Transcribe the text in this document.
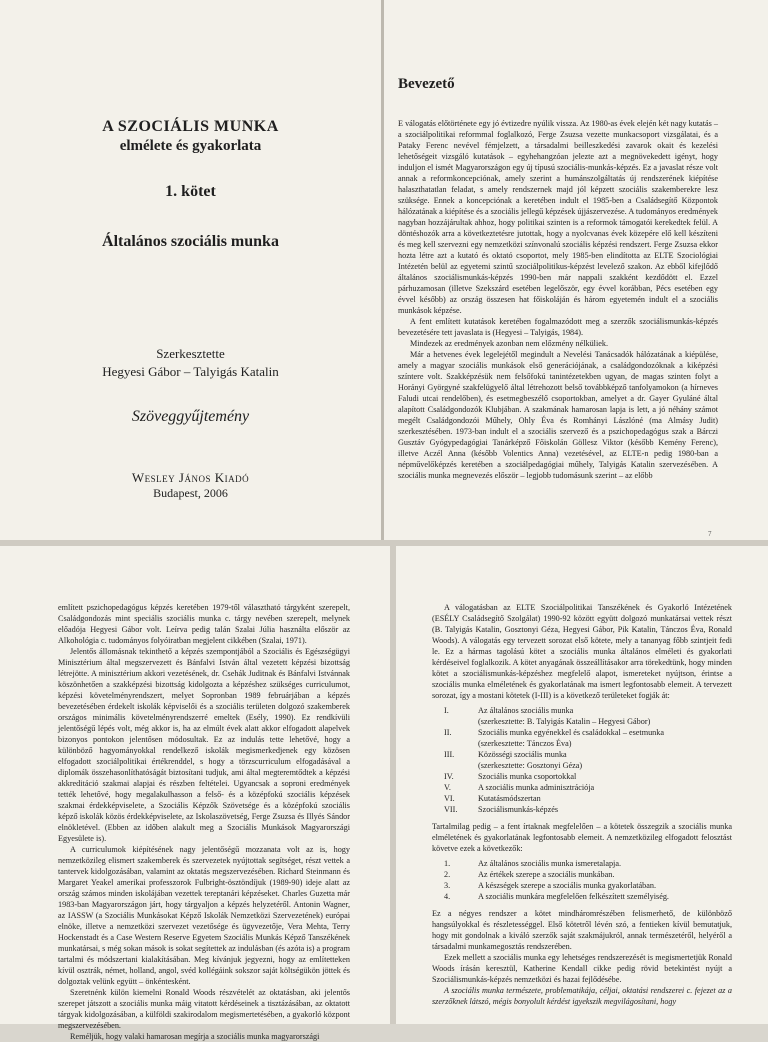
A SZOCIÁLIS MUNKA
elmélete és gyakorlata
1. kötet
Általános szociális munka
Szerkesztette
Hegyesi Gábor – Talyigás Katalin
Szöveggyűjtemény
Wesley János Kiadó
Budapest, 2006
Bevezető

E válogatás előtörténete egy jó évtizedre nyúlik vissza. Az 1980-as évek elején két nagy kutatás – a szociálpolitikai reformmal foglalkozó, Ferge Zsuzsa vezette munkacsoport vizsgálatai, és a Pataky Ferenc nevével fémjelzett, a társadalmi beilleszkedési zavarok okait és kezelési lehetőségeit vizsgáló kutatások – egyhehangzóan jelezte azt a megnövekedett igényt, hogy induljon el ismét Magyarországon egy új típusú szociális-munkás-képzés. Ez a javaslat része volt annak a reformkoncepciónak, amely szerint a humánszolgáltatás új rendszerének kiépítése halaszthatatlan feladat, s amely rendszernek majd jól képzett szociális szakemberekre lesz szüksége. Ennek a koncepciónak a keretében indult el 1985-ben a Családsegítő Központok hálózatának a kiépítése és a szociális jellegű képzések újjászervezése. A tudományos eredmények nagyban hozzájárultak ahhoz, hogy politikai szinten is a reformok támogatói kerekedtek felül. A döntéshozók arra a következtetésre jutottak, hogy a nyolcvanas évek közepére elő kell készíteni és meg kell szervezni egy nemzetközi színvonalú szociális képzési rendszert. Ferge Zsuzsa ekkor hozta létre azt a kutató és oktató csoportot, mely 1985-ben elindította az ELTE Szociológiai Intézetén belül az egyetemi szintű szociálpolitikus-képzést levelező szakon. Az ebből kifejlődő általános szociálismunkás-képzés 1990-ben már nappali szakként kezdődött el. Ezzel párhuzamosan (illetve Szekszárd esetében legelőször, egy évvel korábban, Pécs esetében egy évvel később) az ország összesen hat főiskoláján és három egyetemén indult el a szociális munkások képzése.

A fent említett kutatások keretében fogalmazódott meg a szerzők szociálismunkás-képzés bevezetésére tett javaslata is (Hegyesi – Talyigás, 1984).

Mindezek az eredmények azonban nem előzmény nélküliek.

Már a hetvenes évek legelejétől megindult a Nevelési Tanácsadók hálózatának a kiépülése, amely a magyar szociális munkások első generációjának, a családgondozóknak a kiképzési színtere volt. Szakképzésük nem felsőfokú tanintézetekben ugyan, de magas szinten folyt a Horányi Györgyné szakfelügyelő által létrehozott belső továbbképző tanfolyamokon (a hírneves Faludi utcai rendelőben), és esetmegbeszélő csoportokban, amelyet a dr. Gayer Gyuláné által alapított Családgondozók Klubjában. A szakmának hamarosan lapja is lett, a jó néhány számot megélt Családgondozói Műhely, Ohly Éva és Romhányi Lászlóné (ma Almásy Judit) szerkesztésében. 1973-ban indult el a szociális szervező és a pszichopedagógus szak a Bárczi Gusztáv Gyógypedagógiai Tanárképző Főiskolán Göllesz Viktor (később Kemény Ferenc), illetve Aczél Anna (később Volentics Anna) vezetésével, az ELTE-n pedig 1980-ban a népművelőképzés keretében a szociálpedagógiai műhely, Talyigás Katalin szervezésében. A szociális munka megnevezés először – legjobb tudomásunk szerint – az előbb

7

említett pszichopedagógus képzés keretében 1979-től választható tárgyként szerepelt, Családgondozás mint speciális szociális munka c. tárgy nevében szerepelt, melynek előadója Hegyesi Gábor volt. Leírva pedig talán Szalai Júlia használta először az Alkohológia c. tudományos folyóiratban megjelent cikkében (Szalai, 1971).

Jelentős állomásnak tekinthető a képzés szempontjából a Szociális és Egészségügyi Minisztérium által megszervezett és Bánfalvi István által vezetett képzési bizottság létrejötte. A minisztérium akkori vezetésének, dr. Csehák Juditnak és Bánfalvi Istvánnak köszönhetően a szakképzési bizottság kidolgozta a képzéshez szükséges curriculumot, képzési követelményrendszert, melyet Sopronban 1989 februárjában a képzés bevezetésében érdekelt iskolák képviselői és a szociális területen dolgozó szakemberek országos minimális követelményrendszerré emeltek (Esély, 1990). Ez rendkívüli jelentőségű lépés volt, még akkor is, ha az elmúlt évek alatt akkor elfogadott alapelvek bizonyos pontokon jelentősen módosultak. Ez az indulás tette lehetővé, hogy a különböző hagyományokkal rendelkező iskolák megismerkedjenek egy közösen elfogadott szociálpolitikai értékrenddel, s hogy a törzscurriculum elfogadásával a diplomák összehasonlíthatóságát biztosítani tudjuk, ami által megteremtődtek a képzési akkreditáció szakmai alapjai és részben feltételei. Ugyancsak a soproni eredmények tették lehetővé, hogy megalakulhasson a felső- és a középfokú szociális képzések szakmai érdekképviselete, a Szociális Képzők Szövetsége és a középfokú szociális képző iskolák közös érdekképviselete, az Iskolaszövetség, Ferge Zsuzsa és Illyés Sándor elnökletével. (Ebben az időben alakult meg a Szociális Munkások Magyarországi Egyesülete is).

A curriculumok kiépítésének nagy jelentőségű mozzanata volt az is, hogy nemzetközileg elismert szakemberek és szervezetek nyújtottak segítséget, részt vettek a tantervek kidolgozásában, valamint az oktatás megszervezésében. Richard Steinmann és Margaret Yeakel amerikai professzorok Fulbright-ösztöndíjuk (1989-90) ideje alatt az ország számos minden iskolájában vezettek tereptanári képzéseket. Charles Guzetta már 1983-ban Magyarországon járt, hogy tárgyaljon a képzés helyzetéről. Antonin Wagner, az IASSW (a Szociális Munkásokat Képző Iskolák Nemzetközi Szervezetének) európai elnöke, illetve a nemzetközi szervezet vezetősége és ügyvezetője, Vera Mehta, Terry Hockenstadt és a Case Western Reserve Egyetem Szociális Munkás Képző Tanszékének munkatársai, s még sokan mások is sokat segítettek az indulásban (és azóta is) a program tartalmi és módszertani kialakításában. Meg kívánjuk jegyezni, hogy az említetteken kívül osztrák, német, holland, angol, svéd kollégáink sokszor saját költségükön jöttek és dolgoztak velünk együtt – önkéntesként.

Szeretnénk külön kiemelni Ronald Woods részvételét az oktatásban, aki jelentős szerepet játszott a szociális munka máig vitatott kérdéseinek a tisztázásában, az oktatott tárgyak kidolgozásában, a külföldi szakirodalom megismertetésében, a gyakorló központ megszervezésében.

Reméljük, hogy valaki hamarosan megírja a szociális munka magyarországi

A válogatásban az ELTE Szociálpolitikai Tanszékének és Gyakorló Intézetének (ESÉLY Családsegítő Szolgálat) 1990-92 között együtt dolgozó munkatársai vettek részt (B. Talyigás Katalin, Gosztonyi Géza, Hegyesi Gábor, Pik Katalin, Tánczos Éva, Ronald Woods). A válogatás egy tervezett sorozat első kötete, mely a tananyag főbb szintjeit fedi le. Ez a hármas tagolású kötet a szociális munka általános elméleti és gyakorlati kérdéseivel foglalkozik. A kötet anyagának összeállításakor arra törekedtünk, hogy minden kötet a szociálismunkás-képzéshez megfelelő alapot, ismereteket nyújtson, érintse a szociális munka elméletének és gyakorlatának ma ismert legfontosabb elemeit. A tervezett sorozat, így a mostani kötetek (I-III) is a következő területeket fogják át:

I.	Az általános szociális munka
(szerkesztette: B. Talyigás Katalin – Hegyesi Gábor)
II.	Szociális munka egyénekkel és családokkal – esetmunka
(szerkesztette: Tánczos Éva)
III.	Közösségi szociális munka
(szerkesztette: Gosztonyi Géza)
IV.	Szociális munka csoportokkal
V.	A szociális munka adminisztrációja
VI.	Kutatásmódszertan
VII.	Szociálismunkás-képzés

Tartalmilag pedig – a fent írtaknak megfelelően – a kötetek összegzik a szociális munka elméletének és gyakorlatának legfontosabb elemeit. A nemzetközileg elfogadott felosztást követve ezek a következők:

1.	Az általános szociális munka ismeretalapja.
2.	Az értékek szerepe a szociális munkában.
3.	A készségek szerepe a szociális munka gyakorlatában.
4.	A szociális munkára megfelelően felkészített személyiség.

Ez a négyes rendszer a kötet mindháromrészében felismerhető, de különböző hangsúlyokkal és részletességgel. Első kötetről lévén szó, a fentieken kívül bemutatjuk, hogy mit gondolnak a kiváló szerzők saját szakmájukról, annak természetéről, helyéről a társadalmi munkamegosztás rendszerében.

Ezek mellett a szociális munka egy lehetséges rendszerezését is megismertetjük Ronald Woods írásán keresztül, Katherine Kendall cikke pedig rövid betekintést nyújt a Szociálismunkás-képzés nemzetközi és hazai fejlődésébe.

A szociális munka természete, problematikája, céljai, oktatási rendszerei c. fejezet az a szerzőknek látszó, mégis bonyolult kérdést igyekszik megvilágosítani, hogy
